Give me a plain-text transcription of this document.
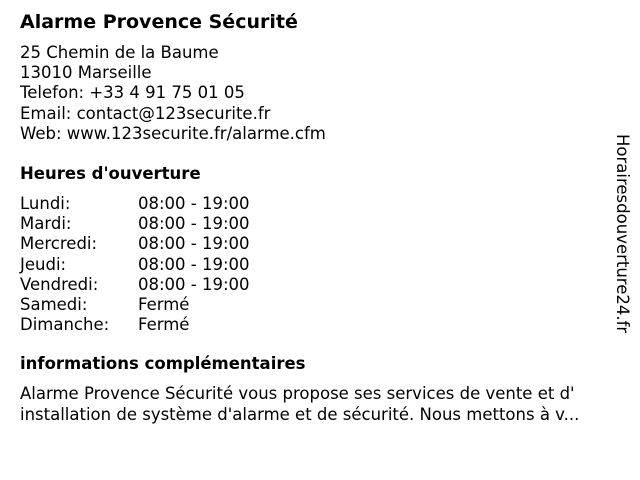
Alarme Provence Sécurité
25 Chemin de la Baume
13010 Marseille
Telefon: +33 4 91 75 01 05
Email: contact@123securite.fr
Web: www.123securite.fr/alarme.cfm
Heures d'ouverture
Lundi:	08:00 - 19:00
Mardi:	08:00 - 19:00
Mercredi: 08:00 - 19:00
Jeudi:	08:00 - 19:00
Vendredi: 08:00 - 19:00
Samedi:	Fermé
Dimanche: Fermé
informations complémentaires
Alarme Provence Sécurité vous propose ses services de vente et d'
installation de système d'alarme et de sécurité. Nous mettons à v...
Horairesdouverture24.fr
